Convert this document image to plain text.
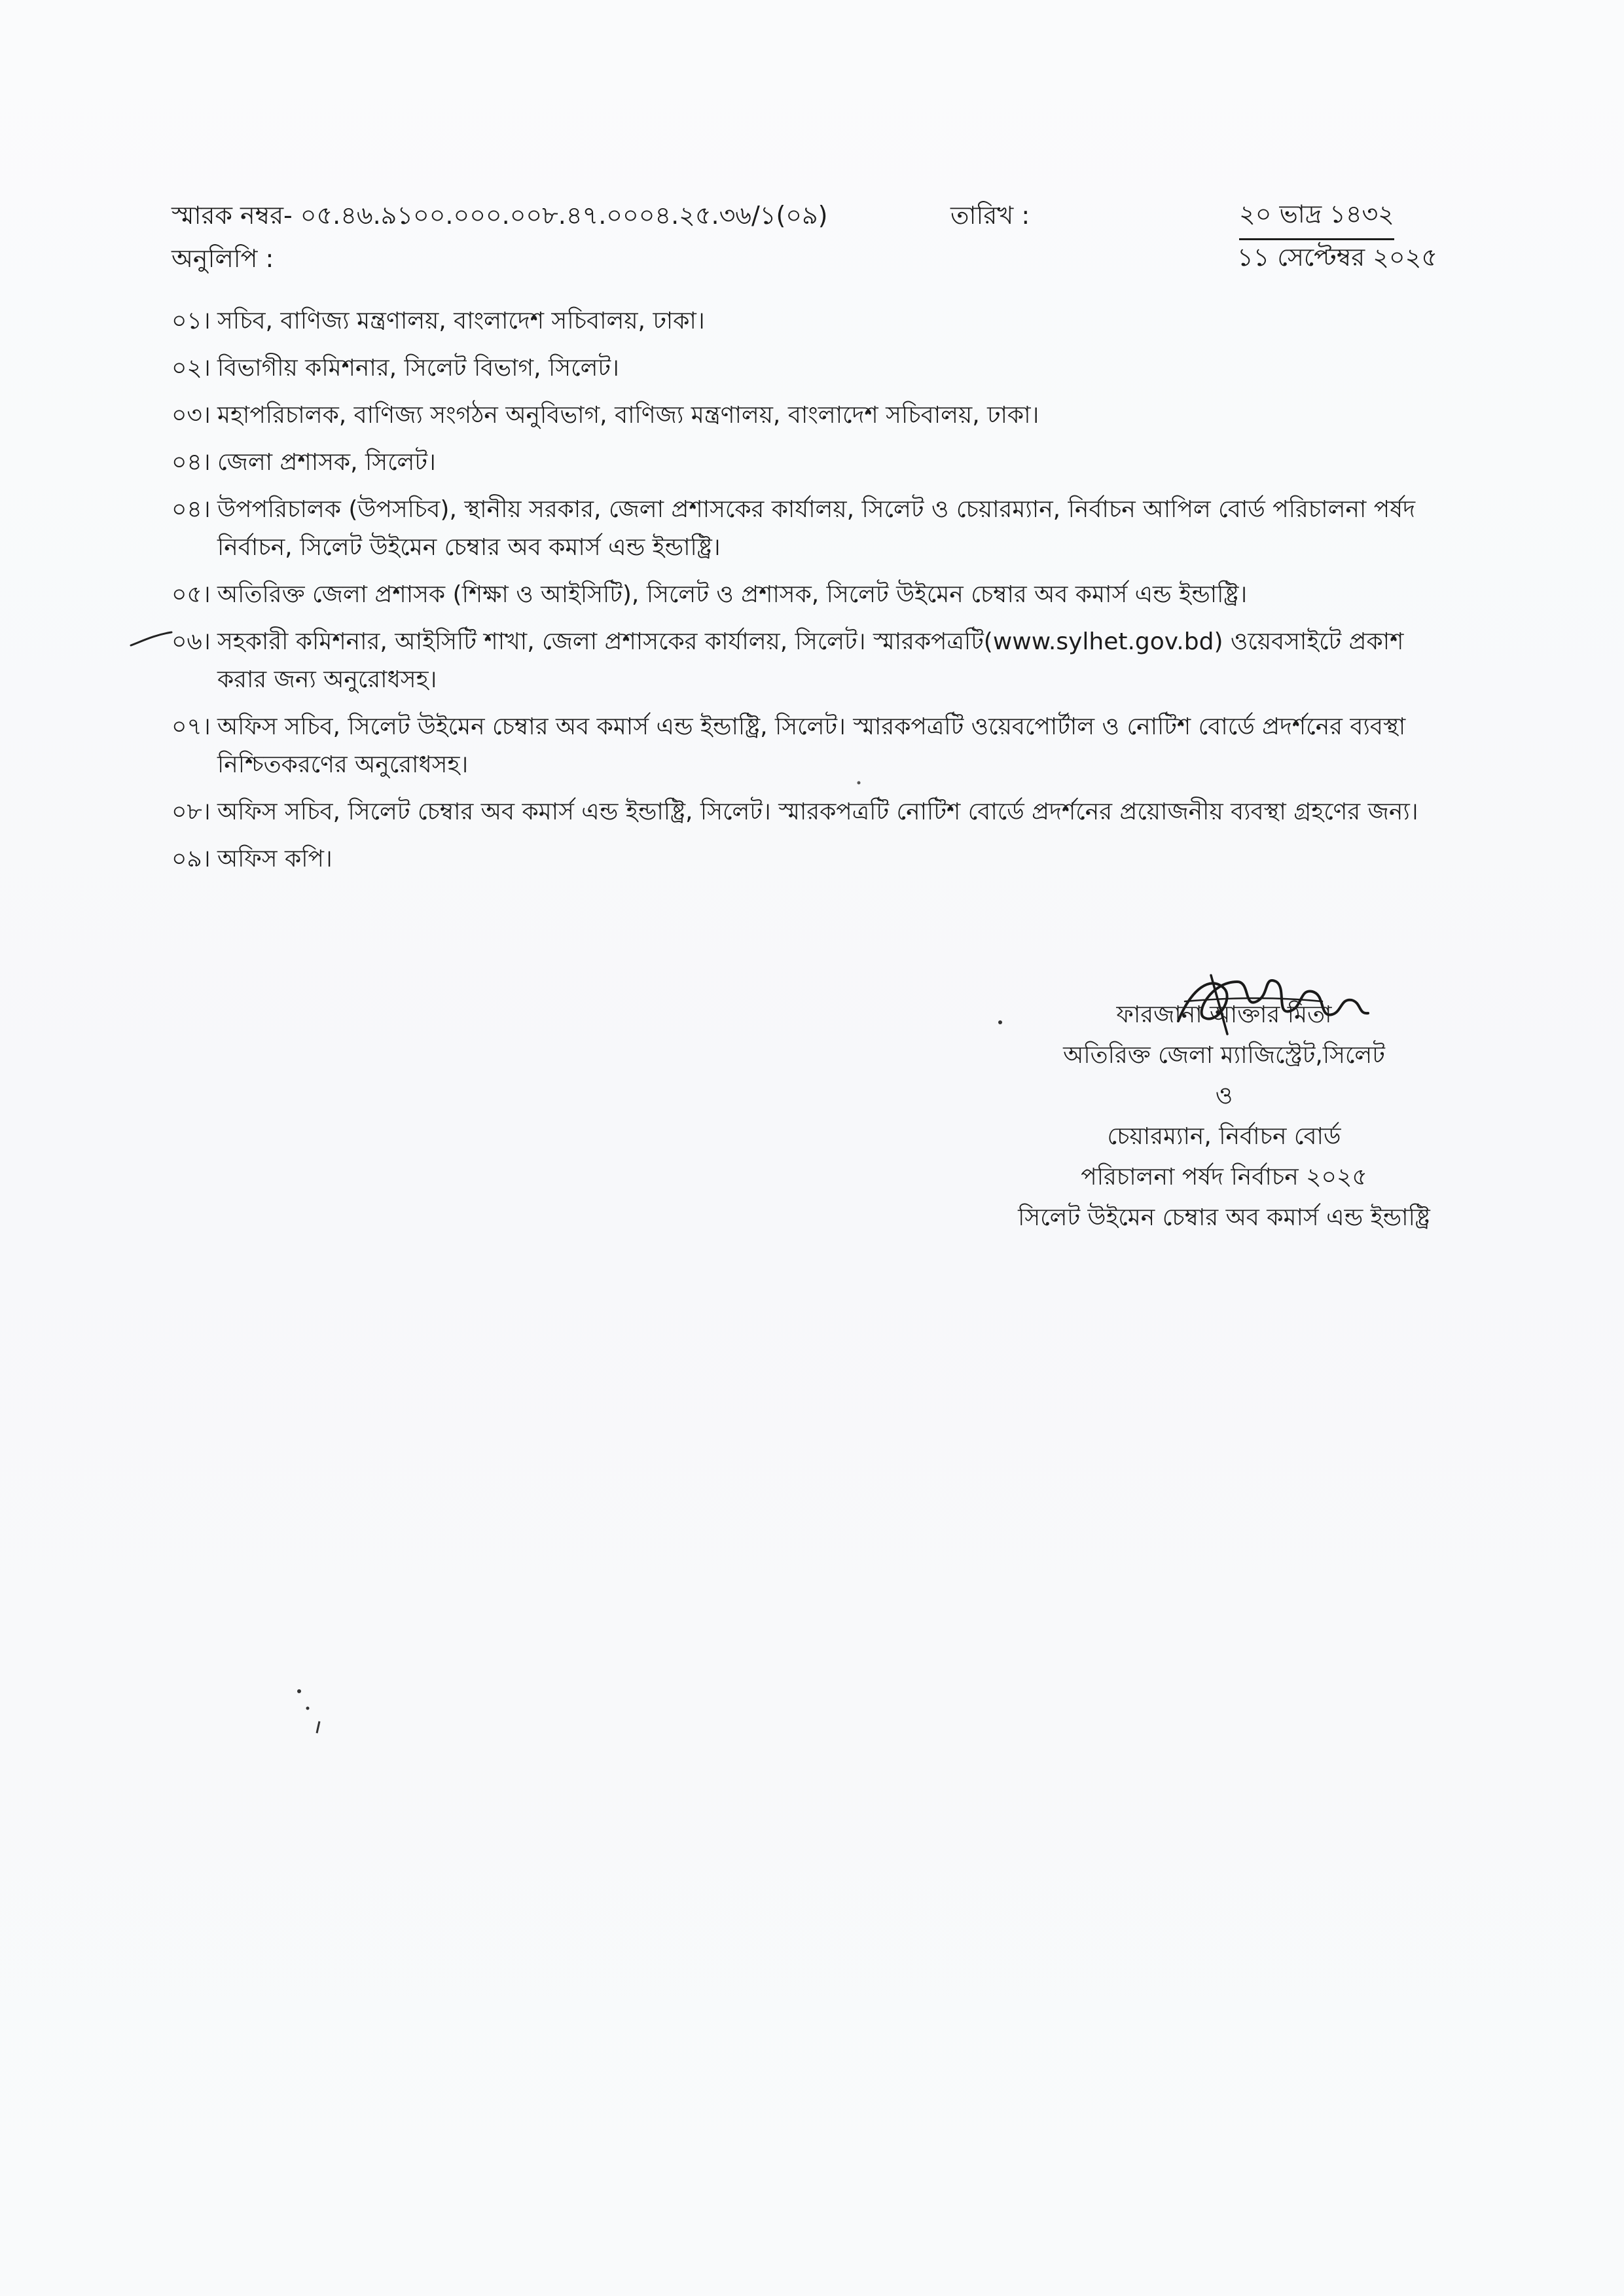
স্মারক নম্বর- ০৫.৪৬.৯১০০.০০০.০০৮.৪৭.০০০৪.২৫.৩৬/১(০৯)	তারিখ :	২০ ভাদ্র ১৪৩২
১১ সেপ্টেম্বর ২০২৫
অনুলিপি :
০১। সচিব, বাণিজ্য মন্ত্রণালয়, বাংলাদেশ সচিবালয়, ঢাকা।
০২। বিভাগীয় কমিশনার, সিলেট বিভাগ, সিলেট।
০৩। মহাপরিচালক, বাণিজ্য সংগঠন অনুবিভাগ, বাণিজ্য মন্ত্রণালয়, বাংলাদেশ সচিবালয়, ঢাকা।
০৪। জেলা প্রশাসক, সিলেট।
০৪। উপপরিচালক (উপসচিব), স্থানীয় সরকার, জেলা প্রশাসকের কার্যালয়, সিলেট ও চেয়ারম্যান, নির্বাচন আপিল বোর্ড পরিচালনা পর্ষদ নির্বাচন, সিলেট উইমেন চেম্বার অব কমার্স এন্ড ইন্ডাষ্ট্রি।
০৫। অতিরিক্ত জেলা প্রশাসক (শিক্ষা ও আইসিটি), সিলেট ও প্রশাসক, সিলেট উইমেন চেম্বার অব কমার্স এন্ড ইন্ডাষ্ট্রি।
০৬। সহকারী কমিশনার, আইসিটি শাখা, জেলা প্রশাসকের কার্যালয়, সিলেট। স্মারকপত্রটি(www.sylhet.gov.bd) ওয়েবসাইটে প্রকাশ করার জন্য অনুরোধসহ।
০৭। অফিস সচিব, সিলেট উইমেন চেম্বার অব কমার্স এন্ড ইন্ডাষ্ট্রি, সিলেট। স্মারকপত্রটি ওয়েবপোর্টাল ও নোটিশ বোর্ডে প্রদর্শনের ব্যবস্থা নিশ্চিতকরণের অনুরোধসহ।
০৮। অফিস সচিব, সিলেট চেম্বার অব কমার্স এন্ড ইন্ডাষ্ট্রি, সিলেট। স্মারকপত্রটি নোটিশ বোর্ডে প্রদর্শনের প্রয়োজনীয় ব্যবস্থা গ্রহণের জন্য।
০৯। অফিস কপি।
ফারজানা আক্তার মিতা
অতিরিক্ত জেলা ম্যাজিস্ট্রেট,সিলেট
ও
চেয়ারম্যান, নির্বাচন বোর্ড
পরিচালনা পর্ষদ নির্বাচন ২০২৫
সিলেট উইমেন চেম্বার অব কমার্স এন্ড ইন্ডাষ্ট্রি
